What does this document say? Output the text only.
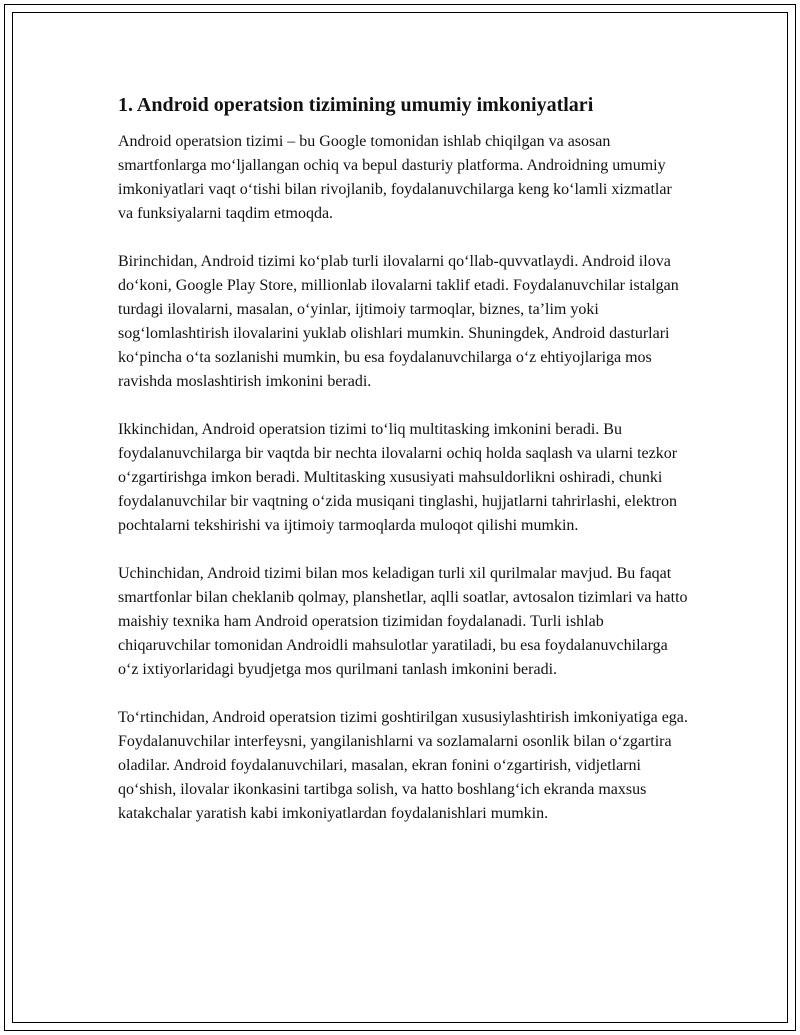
1. Android operatsion tizimining umumiy imkoniyatlari

Android operatsion tizimi – bu Google tomonidan ishlab chiqilgan va asosan smartfonlarga mo‘ljallangan ochiq va bepul dasturiy platforma. Androidning umumiy imkoniyatlari vaqt o‘tishi bilan rivojlanib, foydalanuvchilarga keng ko‘lamli xizmatlar va funksiyalarni taqdim etmoqda.

Birinchidan, Android tizimi ko‘plab turli ilovalarni qo‘llab-quvvatlaydi. Android ilova do‘koni, Google Play Store, millionlab ilovalarni taklif etadi. Foydalanuvchilar istalgan turdagi ilovalarni, masalan, o‘yinlar, ijtimoiy tarmoqlar, biznes, ta’lim yoki sog‘lomlashtirish ilovalarini yuklab olishlari mumkin. Shuningdek, Android dasturlari ko‘pincha o‘ta sozlanishi mumkin, bu esa foydalanuvchilarga o‘z ehtiyojlariga mos ravishda moslashtirish imkonini beradi.

Ikkinchidan, Android operatsion tizimi to‘liq multitasking imkonini beradi. Bu foydalanuvchilarga bir vaqtda bir nechta ilovalarni ochiq holda saqlash va ularni tezkor o‘zgartirishga imkon beradi. Multitasking xususiyati mahsuldorlikni oshiradi, chunki foydalanuvchilar bir vaqtning o‘zida musiqani tinglashi, hujjatlarni tahrirlashi, elektron pochtalarni tekshirishi va ijtimoiy tarmoqlarda muloqot qilishi mumkin.

Uchinchidan, Android tizimi bilan mos keladigan turli xil qurilmalar mavjud. Bu faqat smartfonlar bilan cheklanib qolmay, planshetlar, aqlli soatlar, avtosalon tizimlari va hatto maishiy texnika ham Android operatsion tizimidan foydalanadi. Turli ishlab chiqaruvchilar tomonidan Androidli mahsulotlar yaratiladi, bu esa foydalanuvchilarga o‘z ixtiyorlaridagi byudjetga mos qurilmani tanlash imkonini beradi.

To‘rtinchidan, Android operatsion tizimi goshtirilgan xususiylashtirish imkoniyatiga ega. Foydalanuvchilar interfeysni, yangilanishlarni va sozlamalarni osonlik bilan o‘zgartira oladilar. Android foydalanuvchilari, masalan, ekran fonini o‘zgartirish, vidjetlarni qo‘shish, ilovalar ikonkasini tartibga solish, va hatto boshlang‘ich ekranda maxsus katakchalar yaratish kabi imkoniyatlardan foydalanishlari mumkin.
